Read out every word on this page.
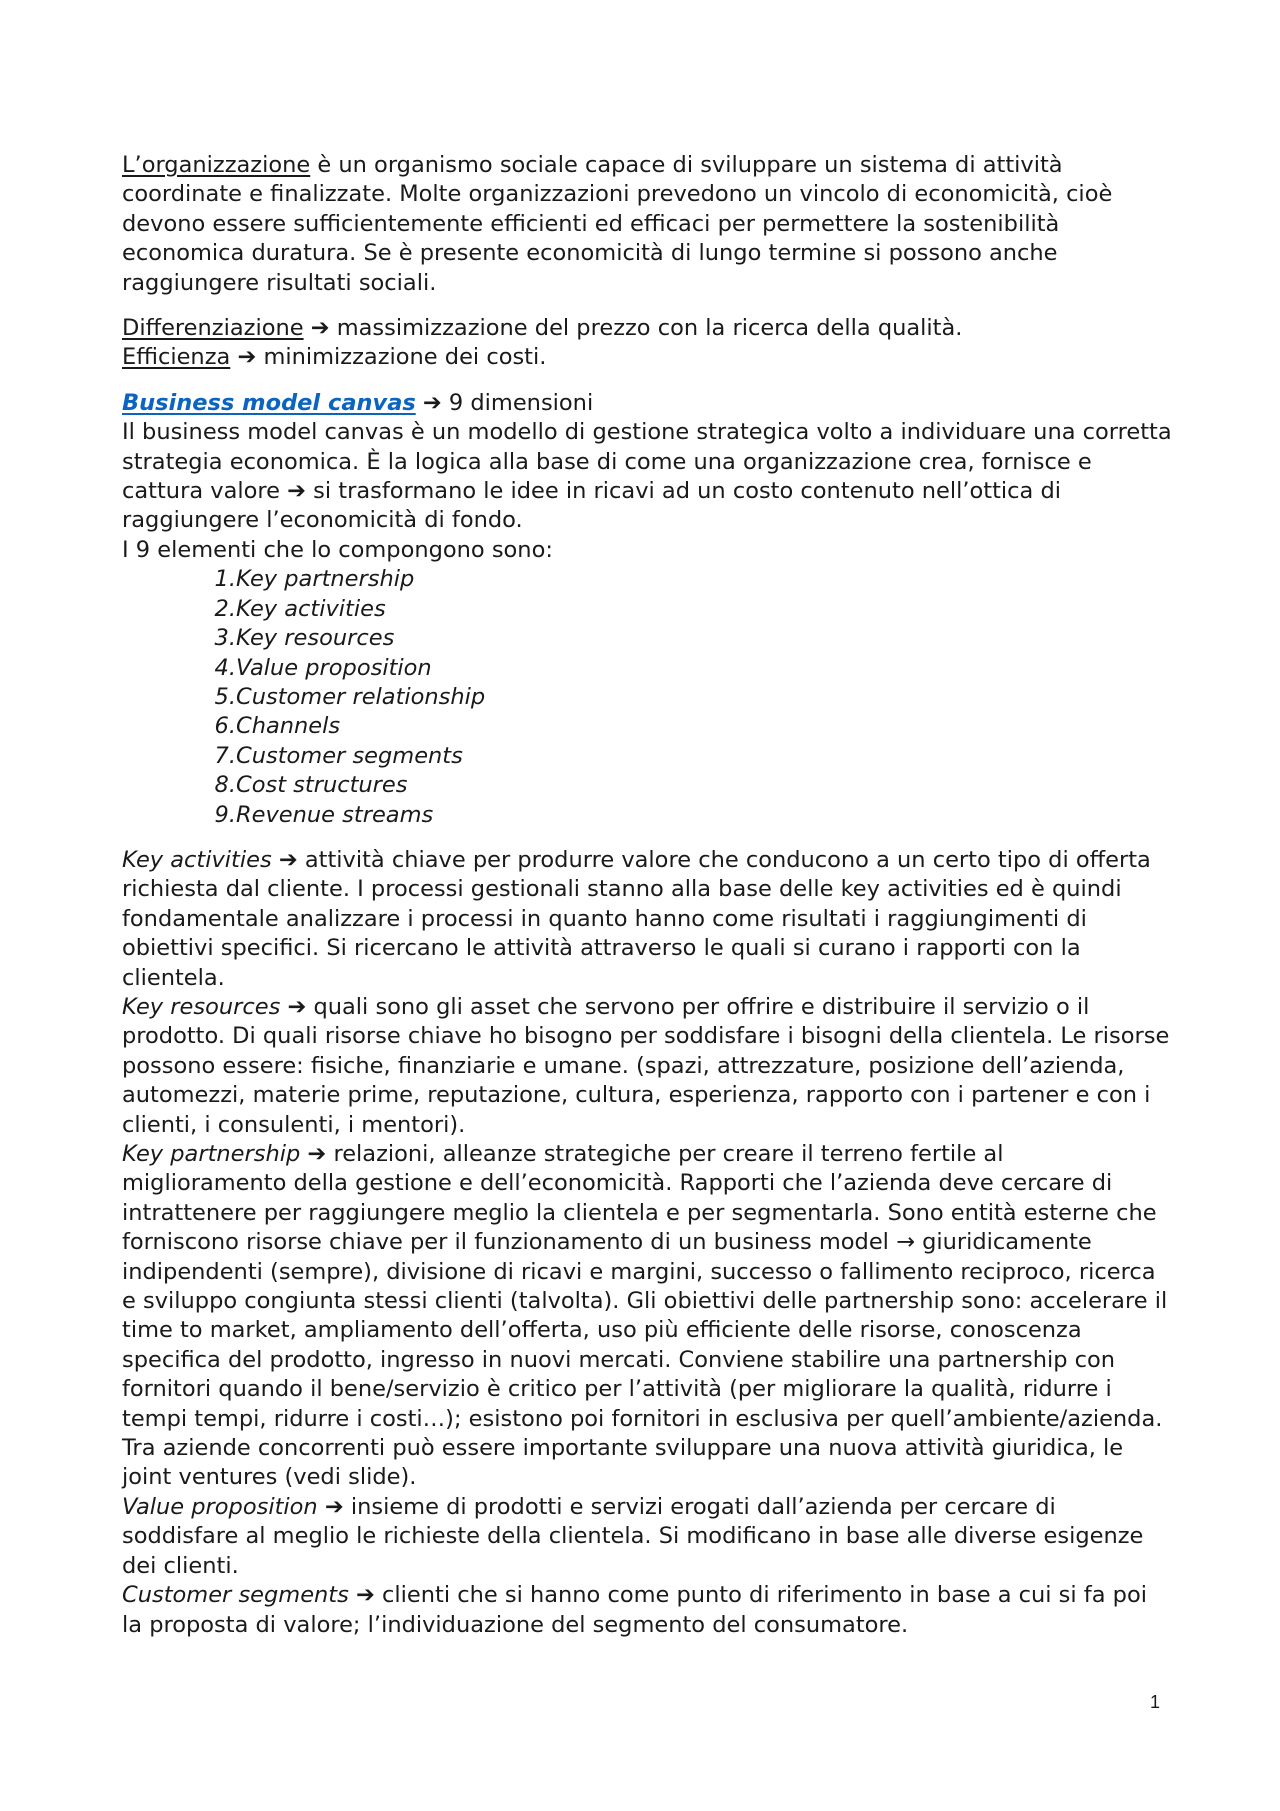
L’organizzazione è un organismo sociale capace di sviluppare un sistema di attività coordinate e finalizzate. Molte organizzazioni prevedono un vincolo di economicità, cioè devono essere sufficientemente efficienti ed efficaci per permettere la sostenibilità economica duratura. Se è presente economicità di lungo termine si possono anche raggiungere risultati sociali.

Differenziazione ➔ massimizzazione del prezzo con la ricerca della qualità.

Efficienza ➔ minimizzazione dei costi.

Business model canvas ➔ 9 dimensioni

Il business model canvas è un modello di gestione strategica volto a individuare una corretta strategia economica. È la logica alla base di come una organizzazione crea, fornisce e cattura valore ➔ si trasformano le idee in ricavi ad un costo contenuto nell’ottica di raggiungere l’economicità di fondo.

I 9 elementi che lo compongono sono:

1. Key partnership
2. Key activities
3. Key resources
4. Value proposition
5. Customer relationship
6. Channels
7. Customer segments
8. Cost structures
9. Revenue streams

Key activities ➔ attività chiave per produrre valore che conducono a un certo tipo di offerta richiesta dal cliente. I processi gestionali stanno alla base delle key activities ed è quindi fondamentale analizzare i processi in quanto hanno come risultati i raggiungimenti di obiettivi specifici. Si ricercano le attività attraverso le quali si curano i rapporti con la clientela.

Key resources ➔ quali sono gli asset che servono per offrire e distribuire il servizio o il prodotto. Di quali risorse chiave ho bisogno per soddisfare i bisogni della clientela. Le risorse possono essere: fisiche, finanziarie e umane. (spazi, attrezzature, posizione dell’azienda, automezzi, materie prime, reputazione, cultura, esperienza, rapporto con i partener e con i clienti, i consulenti, i mentori).

Key partnership ➔ relazioni, alleanze strategiche per creare il terreno fertile al miglioramento della gestione e dell’economicità. Rapporti che l’azienda deve cercare di intrattenere per raggiungere meglio la clientela e per segmentarla. Sono entità esterne che forniscono risorse chiave per il funzionamento di un business model → giuridicamente indipendenti (sempre), divisione di ricavi e margini, successo o fallimento reciproco, ricerca e sviluppo congiunta stessi clienti (talvolta). Gli obiettivi delle partnership sono: accelerare il time to market, ampliamento dell’offerta, uso più efficiente delle risorse, conoscenza specifica del prodotto, ingresso in nuovi mercati. Conviene stabilire una partnership con fornitori quando il bene/servizio è critico per l’attività (per migliorare la qualità, ridurre i tempi tempi, ridurre i costi…); esistono poi fornitori in esclusiva per quell’ambiente/azienda. Tra aziende concorrenti può essere importante sviluppare una nuova attività giuridica, le joint ventures (vedi slide).

Value proposition ➔ insieme di prodotti e servizi erogati dall’azienda per cercare di soddisfare al meglio le richieste della clientela. Si modificano in base alle diverse esigenze dei clienti.

Customer segments ➔ clienti che si hanno come punto di riferimento in base a cui si fa poi la proposta di valore; l’individuazione del segmento del consumatore.

1
